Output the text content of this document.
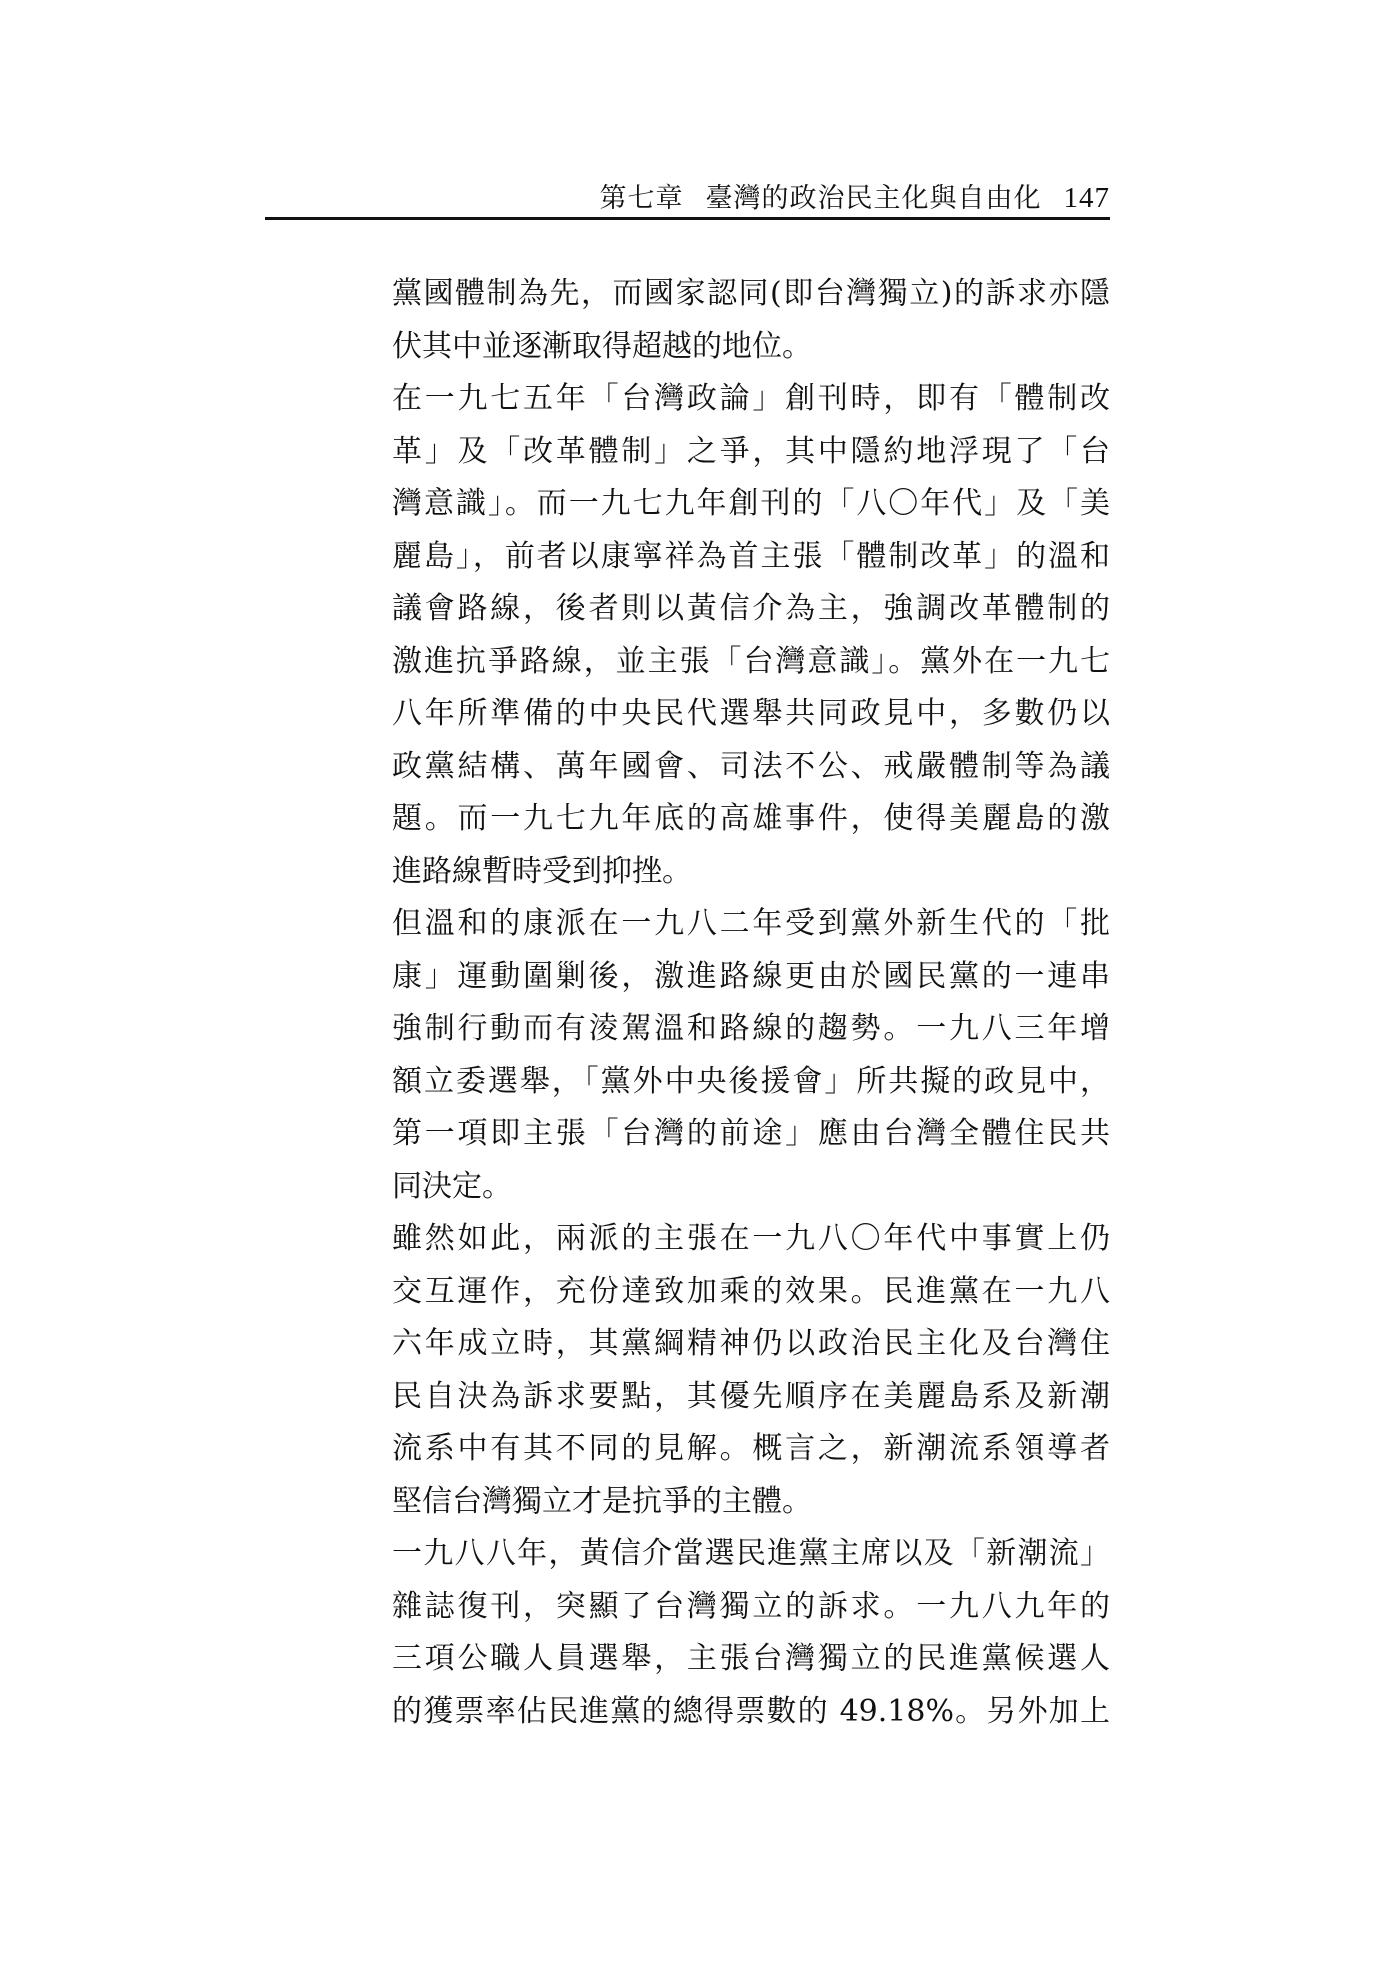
第七章 臺灣的政治民主化與自由化 147
黨國體制為先，而國家認同(即台灣獨立)的訴求亦隱
伏其中並逐漸取得超越的地位。
在一九七五年「台灣政論」創刊時，即有「體制改
革」及「改革體制」之爭，其中隱約地浮現了「台
灣意識」。而一九七九年創刊的「八〇年代」及「美
麗島」，前者以康寧祥為首主張「體制改革」的溫和
議會路線，後者則以黃信介為主，強調改革體制的
激進抗爭路線，並主張「台灣意識」。黨外在一九七
八年所準備的中央民代選舉共同政見中，多數仍以
政黨結構、萬年國會、司法不公、戒嚴體制等為議
題。而一九七九年底的高雄事件，使得美麗島的激
進路線暫時受到抑挫。
但溫和的康派在一九八二年受到黨外新生代的「批
康」運動圍剿後，激進路線更由於國民黨的一連串
強制行動而有淩駕溫和路線的趨勢。一九八三年增
額立委選舉，「黨外中央後援會」所共擬的政見中，
第一項即主張「台灣的前途」應由台灣全體住民共
同決定。
雖然如此，兩派的主張在一九八〇年代中事實上仍
交互運作，充份達致加乘的效果。民進黨在一九八
六年成立時，其黨綱精神仍以政治民主化及台灣住
民自決為訴求要點，其優先順序在美麗島系及新潮
流系中有其不同的見解。概言之，新潮流系領導者
堅信台灣獨立才是抗爭的主體。
一九八八年，黃信介當選民進黨主席以及「新潮流」
雜誌復刊，突顯了台灣獨立的訴求。一九八九年的
三項公職人員選舉，主張台灣獨立的民進黨候選人
的獲票率佔民進黨的總得票數的 49.18%。另外加上
